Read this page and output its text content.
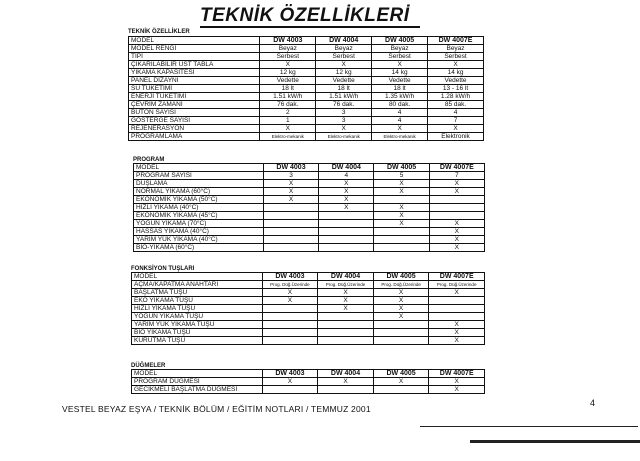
TEKNİK ÖZELLİKLERİ
TEKNİK ÖZELLİKLER
MODEL	DW 4003	DW 4004	DW 4005	DW 4007E
MODEL RENGİ	Beyaz	Beyaz	Beyaz	Beyaz
TİPİ	Serbest	Serbest	Serbest	Serbest
ÇIKARILABİLİR ÜST TABLA	X	X	X	X
YIKAMA KAPASİTESİ	12 kg	12 kg	14 kg	14 kg
PANEL DİZAYNI	Vedette	Vedette	Vedette	Vedette
SU TÜKETİMİ	18 lt	18 lt	18 lt	13 - 16 lt
ENERJİ TÜKETİMİ	1.51 kW/h	1.51 kW/h	1.35 kW/h	1.28 kW/h
ÇEVRİM ZAMANI	76 dak.	76 dak.	80 dak.	85 dak.
BUTON SAYISI	2	3	4	4
GÖSTERGE SAYISI	1	3	4	7
REJENERASYON	X	X	X	X
PROGRAMLAMA	Elektro-mekanik	Elektro-mekanik	Elektro-mekanik	Elektronik
PROGRAM
MODEL	DW 4003	DW 4004	DW 4005	DW 4007E
PROGRAM SAYISI	3	4	5	7
DUŞLAMA	X	X	X	X
NORMAL YIKAMA (60°C)	X	X	X	X
EKONOMİK YIKAMA (50°C)	X	X		
HIZLI YIKAMA (40°C)		X	X	
EKONOMİK YIKAMA (45°C)			X	
YOĞUN YIKAMA (70°C)			X	X
HASSAS YIKAMA (40°C)				X
YARIM YÜK YIKAMA (40°C)				X
BİO-YIKAMA (60°C)				X
FONKSİYON TUŞLARI
MODEL	DW 4003	DW 4004	DW 4005	DW 4007E
AÇMA/KAPATMA ANAHTARI	Prog. Düğ.Üzerinde	Prog. Düğ.Üzerinde	Prog. Düğ.Üzerinde	Prog. Düğ.Üzerinde
BAŞLATMA TUŞU	X	X	X	X
EKO YIKAMA TUŞU	X	X	X	
HIZLI YIKAMA TUŞU		X	X	
YOĞUN YIKAMA TUŞU			X	
YARIM YÜK YIKAMA TUŞU				X
BIO YIKAMA TUŞU				X
KURUTMA TUŞU				X
DÜĞMELER
MODEL	DW 4003	DW 4004	DW 4005	DW 4007E
PROGRAM DÜĞMESİ	X	X	X	X
GECİKMELİ BAŞLATMA DÜĞMESİ				X
VESTEL BEYAZ EŞYA / TEKNİK BÖLÜM / EĞİTİM NOTLARI / TEMMUZ 2001
4
